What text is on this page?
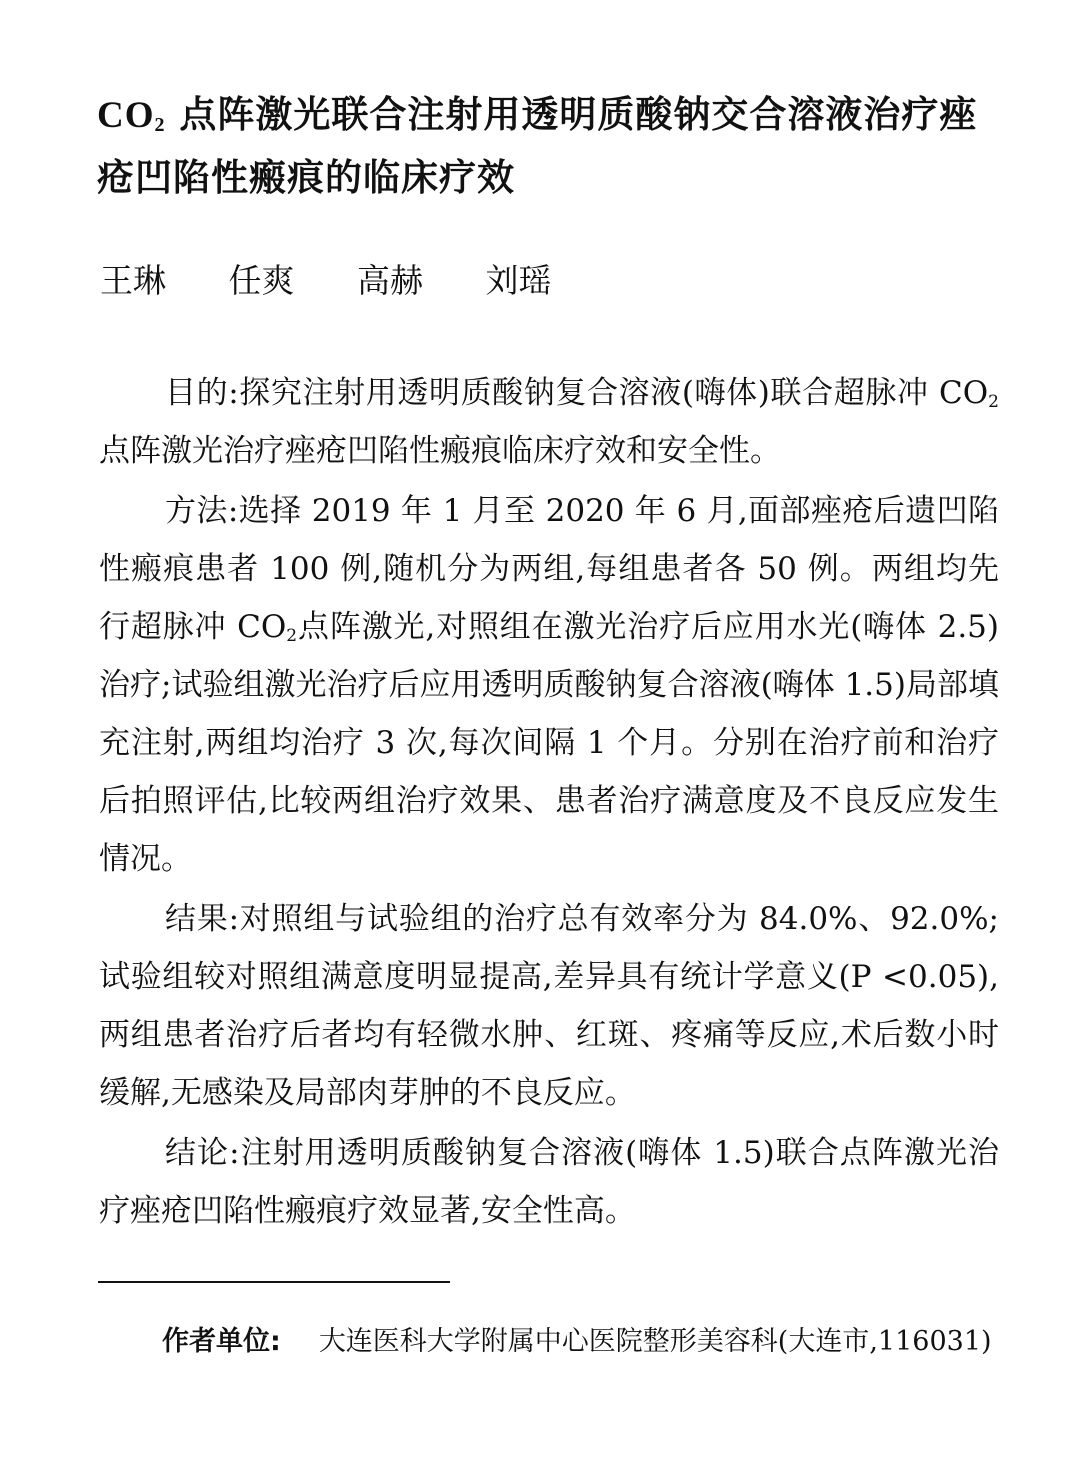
$CO_2$ 点阵激光联合注射用透明质酸钠交合溶液治疗痤疮凹陷性瘢痕的临床疗效
王琳 任爽 高赫 刘瑶

目的:探究注射用透明质酸钠复合溶液(嗨体)联合超脉冲 $CO_2$点阵激光治疗痤疮凹陷性瘢痕临床疗效和安全性。

方法:选择 2019 年 1 月至 2020 年 6 月,面部痤疮后遗凹陷性瘢痕患者 100 例,随机分为两组,每组患者各 50 例。两组均先行超脉冲 $CO_2$点阵激光,对照组在激光治疗后应用水光(嗨体 2.5)治疗;试验组激光治疗后应用透明质酸钠复合溶液(嗨体 1.5)局部填充注射,两组均治疗 3 次,每次间隔 1 个月。分别在治疗前和治疗后拍照评估,比较两组治疗效果、患者治疗满意度及不良反应发生情况。

结果:对照组与试验组的治疗总有效率分为 84.0%、92.0%;试验组较对照组满意度明显提高,差异具有统计学意义(P <0.05),两组患者治疗后者均有轻微水肿、红斑、疼痛等反应,术后数小时缓解,无感染及局部肉芽肿的不良反应。

结论:注射用透明质酸钠复合溶液(嗨体 1.5)联合点阵激光治疗痤疮凹陷性瘢痕疗效显著,安全性高。

作者单位: 大连医科大学附属中心医院整形美容科(大连市,116031)
